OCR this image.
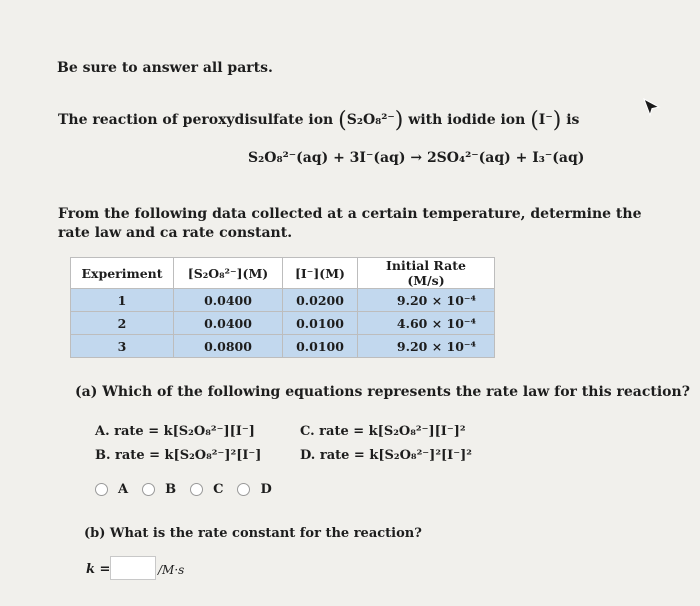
Be sure to answer all parts.
The reaction of peroxydisulfate ion (S₂O₈²⁻) with iodide ion (I⁻) is
S₂O₈²⁻(aq) + 3I⁻(aq) → 2SO₄²⁻(aq) + I₃⁻(aq)
From the following data collected at a certain temperature, determine the rate law and ca rate constant.
Experiment	[S₂O₈²⁻](M)	[I⁻](M)	Initial Rate (M/s)
1	0.0400	0.0200	9.20 × 10⁻⁴
2	0.0400	0.0100	4.60 × 10⁻⁴
3	0.0800	0.0100	9.20 × 10⁻⁴
(a) Which of the following equations represents the rate law for this reaction?
A. rate = k[S₂O₈²⁻][I⁻]
B. rate = k[S₂O₈²⁻]²[I⁻]
C. rate = k[S₂O₈²⁻][I⁻]²
D. rate = k[S₂O₈²⁻]²[I⁻]²
A	B	C	D
(b) What is the rate constant for the reaction?
k =	/M·s
